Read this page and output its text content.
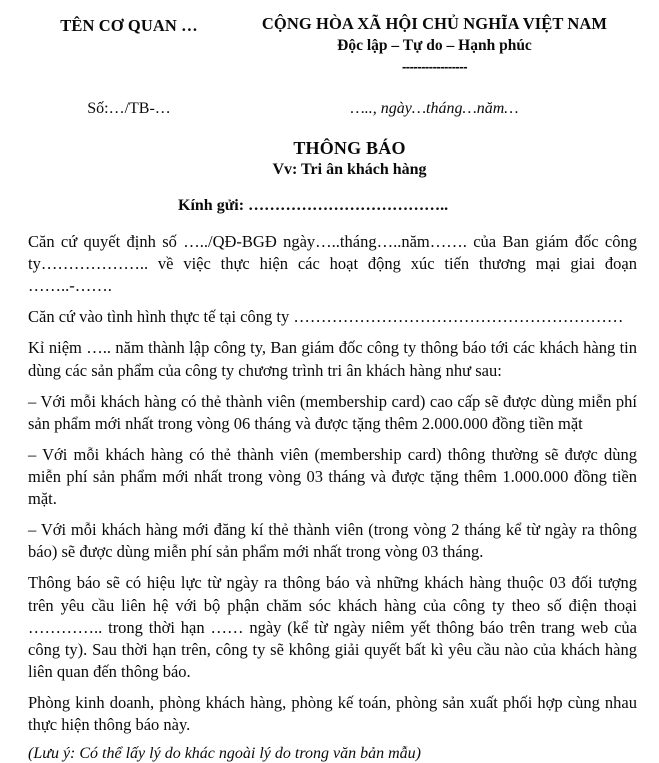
TÊN CƠ QUAN …	CỘNG HÒA XÃ HỘI CHỦ NGHĨA VIỆT NAM
Độc lập – Tự do – Hạnh phúc
-----------------
Số:…/TB-…	….., ngày…tháng…năm…
THÔNG BÁO
Vv: Tri ân khách hàng
Kính gửi: ………………………………..

Căn cứ quyết định số …../QĐ-BGĐ ngày…..tháng…..năm……. của Ban giám đốc công ty……………….. về việc thực hiện các hoạt động xúc tiến thương mại giai đoạn ……..-…….

Căn cứ vào tình hình thực tế tại công ty ……………………………………………………

Kỉ niệm ….. năm thành lập công ty, Ban giám đốc công ty thông báo tới các khách hàng tin dùng các sản phẩm của công ty chương trình tri ân khách hàng như sau:

– Với mỗi khách hàng có thẻ thành viên (membership card) cao cấp sẽ được dùng miễn phí sản phẩm mới nhất trong vòng 06 tháng và được tặng thêm 2.000.000 đồng tiền mặt

– Với mỗi khách hàng có thẻ thành viên (membership card) thông thường sẽ được dùng miễn phí sản phẩm mới nhất trong vòng 03 tháng và được tặng thêm 1.000.000 đồng tiền mặt.

– Với mỗi khách hàng mới đăng kí thẻ thành viên (trong vòng 2 tháng kể từ ngày ra thông báo) sẽ được dùng miễn phí sản phẩm mới nhất trong vòng 03 tháng.

Thông báo sẽ có hiệu lực từ ngày ra thông báo và những khách hàng thuộc 03 đối tượng trên yêu cầu liên hệ với bộ phận chăm sóc khách hàng của công ty theo số điện thoại ………….. trong thời hạn …… ngày (kể từ ngày niêm yết thông báo trên trang web của công ty). Sau thời hạn trên, công ty sẽ không giải quyết bất kì yêu cầu nào của khách hàng liên quan đến thông báo.

Phòng kinh doanh, phòng khách hàng, phòng kế toán, phòng sản xuất phối hợp cùng nhau thực hiện thông báo này.

(Lưu ý: Có thể lấy lý do khác ngoài lý do trong văn bản mẫu)
